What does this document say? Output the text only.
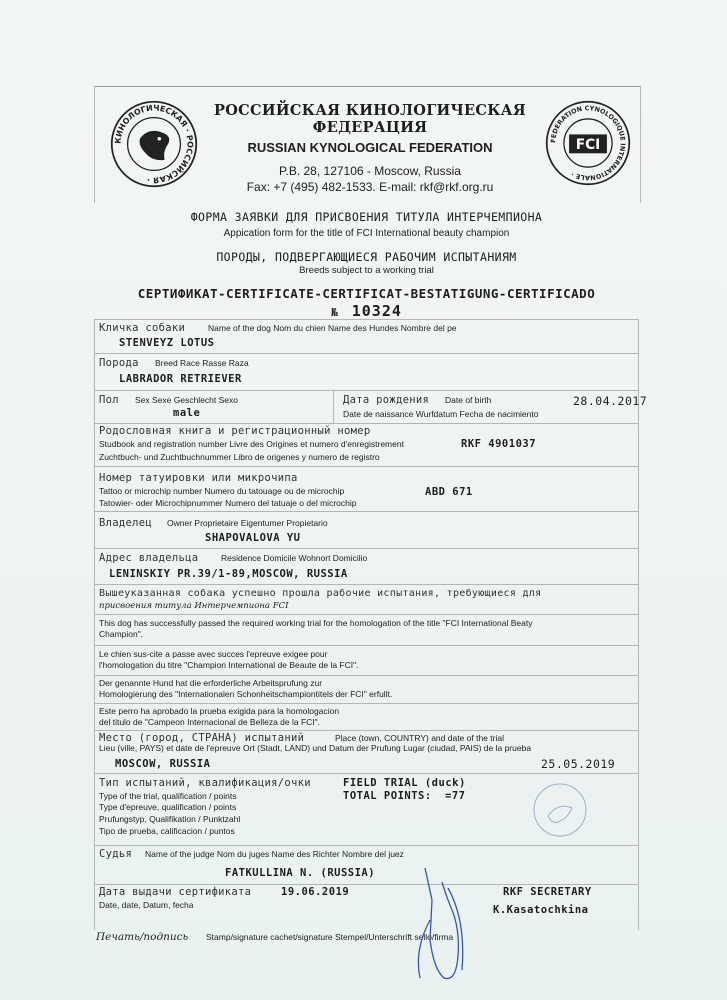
КИНОЛОГИЧЕСКАЯ · РОССИЙСКАЯ ·
FEDERATION CYNOLOGIQUE INTERNATIONALE ·
FCI
РОССИЙСКАЯ КИНОЛОГИЧЕСКАЯ
ФЕДЕРАЦИЯ
RUSSIAN KYNOLOGICAL FEDERATION
P.B. 28, 127106 - Moscow, Russia
Fax: +7 (495) 482-1533. E-mail: rkf@rkf.org.ru
ФОРМА ЗАЯВКИ ДЛЯ ПРИСВОЕНИЯ ТИТУЛА ИНТЕРЧЕМПИОНА
Appication form for the title of FCI International beauty champion
ПОРОДЫ, ПОДВЕРГАЮЩИЕСЯ РАБОЧИМ ИСПЫТАНИЯМ
Breeds subject to a working trial
СЕРТИФИКАТ-CERTIFICATE-CERTIFICAT-BESTATIGUNG-CERTIFICADO
№ 10324
Кличка собаки	Name of the dog Nom du chien Name des Hundes Nombre del pe
STENVEYZ LOTUS
Порода Breed Race Rasse Raza
LABRADOR RETRIEVER
Пол Sex Sexe Geschlecht Sexo
male
Дата рождения Date of birth	28.04.2017
Date de naissance Wurfdatum Fecha de nacimiento
Родословная книга и регистрационный номер
Studbook and registration number Livre des Origines et numero d'enregistrement	RKF 4901037
Zuchtbuch- und Zuchtbuchnummer Libro de origenes y numero de registro
Номер татуировки или микрочипа
Tattoo or microchip number Numero du tatouage ou de microchip	ABD 671
Tatowier- oder Microchipnummer Numero del tatuaje o del microchip
Владелец Owner Proprietaire Eigentumer Propietario
SHAPOVALOVA YU
Адрес владельца	Residence Domicile Wohnort Domicilio
LENINSKIY PR.39/1-89,MOSCOW, RUSSIA
Вышеуказанная собака успешно прошла рабочие испытания, требующиеся для
присвоения титула Интерчемпиона FCI
This dog has successfully passed the required working trial for the homologation of the title "FCI International Beaty
Champion".
Le chien sus-cite a passe avec succes l'epreuve exigee pour
l'homologation du titre "Champion International de Beaute de la FCI".
Der genannte Hund hat die erforderliche Arbeitsprufung zur
Homologierung des "Internationalen Schonheitschampiontitels der FCI" erfullt.
Este perro ha aprobado la prueba exigida para la homologacion
del titulo de "Campeon Internacional de Belleza de la FCI".
Место (город, СТРАНА) испытаний	Place (town, COUNTRY) and date of the trial
Lieu (ville, PAYS) et date de l'epreuve Ort (Stadt, LAND) und Datum der Prufung Lugar (ciudad, PAIS) de la prueba
MOSCOW, RUSSIA	25.05.2019
Тип испытаний, квалификация/очки	FIELD TRIAL (duck)
Type of the trial, qualification / points	TOTAL POINTS: =77
Type d'epreuve, qualification / points
Prufungstyp, Qualifikation / Punktzahl
Tipo de prueba, calificacion / puntos
Судья Name of the judge Nom du juges Name des Richter Nombre del juez
FATKULLINA N. (RUSSIA)
Дата выдачи сертификата	19.06.2019
Date, date, Datum, fecha
RKF SECRETARY
K.Kasatochkina
Печать/подпись Stamp/signature cachet/signature Stempel/Unterschrift sello/firma
